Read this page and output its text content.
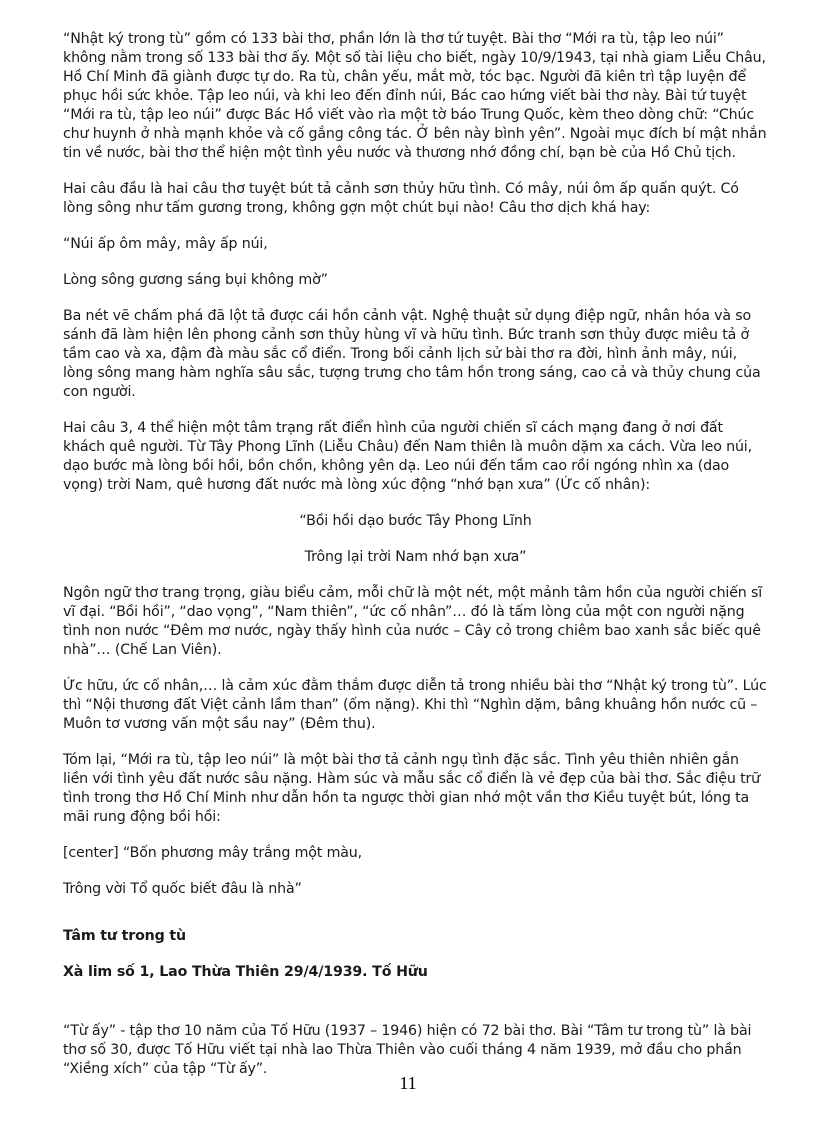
“Nhật ký trong tù” gồm có 133 bài thơ, phần lớn là thơ tứ tuyệt. Bài thơ “Mới ra tù, tập leo núi” không nằm trong số 133 bài thơ ấy. Một số tài liệu cho biết, ngày 10/9/1943, tại nhà giam Liễu Châu, Hồ Chí Minh đã giành được tự do. Ra tù, chân yếu, mắt mờ, tóc bạc. Người đã kiên trì tập luyện để phục hồi sức khỏe. Tập leo núi, và khi leo đến đỉnh núi, Bác cao hứng viết bài thơ này. Bài tứ tuyệt “Mới ra tù, tập leo núi” được Bác Hồ viết vào rìa một tờ báo Trung Quốc, kèm theo dòng chữ: “Chúc chư huynh ở nhà mạnh khỏe và cố gắng công tác. Ở bên này bình yên”. Ngoài mục đích bí mật nhắn tin về nước, bài thơ thể hiện một tình yêu nước và thương nhớ đồng chí, bạn bè của Hồ Chủ tịch.

Hai câu đầu là hai câu thơ tuyệt bút tả cảnh sơn thủy hữu tình. Có mây, núi ôm ấp quấn quýt. Có lòng sông như tấm gương trong, không gợn một chút bụi nào! Câu thơ dịch khá hay:

“Núi ấp ôm mây, mây ấp núi,

Lòng sông gương sáng bụi không mờ”

Ba nét vẽ chấm phá đã lột tả được cái hồn cảnh vật. Nghệ thuật sử dụng điệp ngữ, nhân hóa và so sánh đã làm hiện lên phong cảnh sơn thủy hùng vĩ và hữu tình. Bức tranh sơn thủy được miêu tả ở tầm cao và xa, đậm đà màu sắc cổ điển. Trong bối cảnh lịch sử bài thơ ra đời, hình ảnh mây, núi, lòng sông mang hàm nghĩa sâu sắc, tượng trưng cho tâm hồn trong sáng, cao cả và thủy chung của con người.

Hai câu 3, 4 thể hiện một tâm trạng rất điển hình của người chiến sĩ cách mạng đang ở nơi đất khách quê người. Từ Tây Phong Lĩnh (Liễu Châu) đến Nam thiên là muôn dặm xa cách. Vừa leo núi, dạo bước mà lòng bồi hồi, bồn chồn, không yên dạ. Leo núi đến tầm cao rồi ngóng nhìn xa (dao vọng) trời Nam, quê hương đất nước mà lòng xúc động “nhớ bạn xưa” (Ức cố nhân):

“Bồi hồi dạo bước Tây Phong Lĩnh

Trông lại trời Nam nhớ bạn xưa”

Ngôn ngữ thơ trang trọng, giàu biểu cảm, mỗi chữ là một nét, một mảnh tâm hồn của người chiến sĩ vĩ đại. “Bồi hồi”, “dao vọng”, “Nam thiên”, “ức cố nhân”… đó là tấm lòng của một con người nặng tình non nước “Đêm mơ nước, ngày thấy hình của nước – Cây cỏ trong chiêm bao xanh sắc biếc quê nhà”… (Chế Lan Viên).

Ức hữu, ức cố nhân,… là cảm xúc đằm thắm được diễn tả trong nhiều bài thơ “Nhật ký trong tù”. Lúc thì “Nội thương đất Việt cảnh lầm than” (ốm nặng). Khi thì “Nghìn dặm, bâng khuâng hồn nước cũ – Muôn tơ vương vấn một sầu nay” (Đêm thu).

Tóm lại, “Mới ra tù, tập leo núi” là một bài thơ tả cảnh ngụ tình đặc sắc. Tình yêu thiên nhiên gắn liền với tình yêu đất nước sâu nặng. Hàm súc và mẫu sắc cổ điển là vẻ đẹp của bài thơ. Sắc điệu trữ tình trong thơ Hồ Chí Minh như dẫn hồn ta ngược thời gian nhớ một vần thơ Kiều tuyệt bút, lóng ta mãi rung động bồi hồi:

[center] “Bốn phương mây trắng một màu,

Trông vời Tổ quốc biết đâu là nhà”

Tâm tư trong tù

Xà lim số 1, Lao Thừa Thiên 29/4/1939. Tố Hữu

“Từ ấy” - tập thơ 10 năm của Tố Hữu (1937 – 1946) hiện có 72 bài thơ. Bài “Tâm tư trong tù” là bài thơ số 30, được Tố Hữu viết tại nhà lao Thừa Thiên vào cuối tháng 4 năm 1939, mở đầu cho phần “Xiềng xích” của tập “Từ ấy”.

11
